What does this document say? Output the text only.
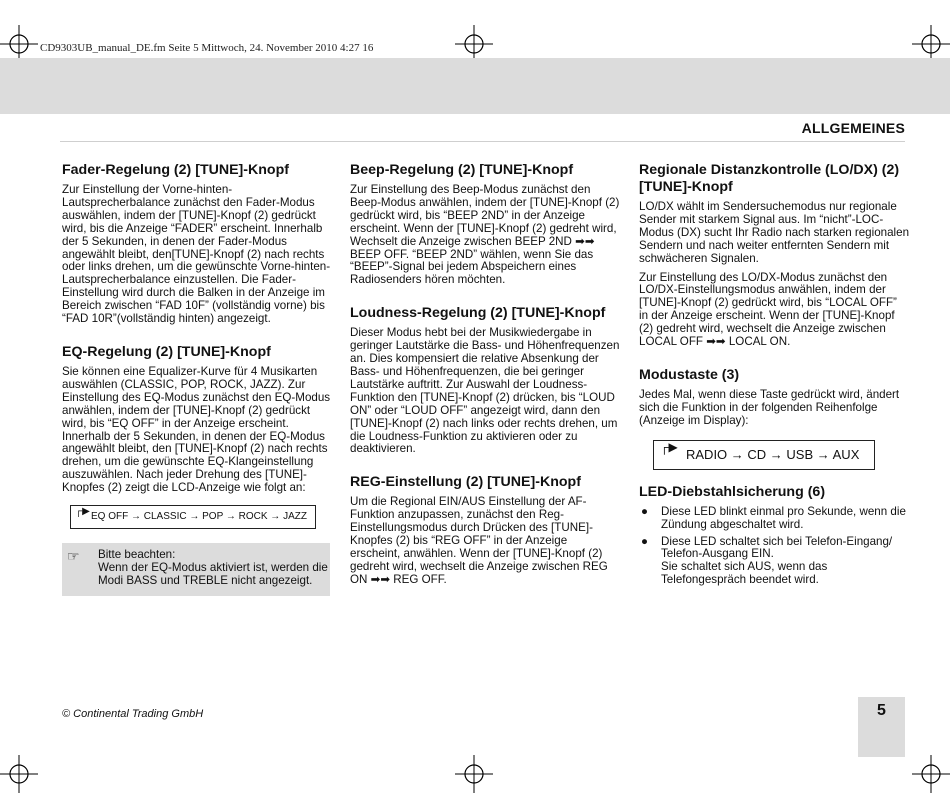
CD9303UB_manual_DE.fm Seite 5 Mittwoch, 24. November 2010 4:27 16
ALLGEMEINES
Fader-Regelung (2) [TUNE]-Knopf
Zur Einstellung der Vorne-hinten-Lautsprecherbalance zunächst den Fader-Modus auswählen, indem der [TUNE]-Knopf (2) gedrückt wird, bis die Anzeige “FADER” erscheint. Innerhalb der 5 Sekunden, in denen der Fader-Modus angewählt bleibt, den[TUNE]-Knopf (2) nach rechts oder links drehen, um die gewünschte Vorne-hinten-Lautsprecherbalance einzustellen. Die Fader-Einstellung wird durch die Balken in der Anzeige im Bereich zwischen “FAD 10F” (vollständig vorne) bis “FAD 10R”(vollständig hinten) angezeigt.
EQ-Regelung (2) [TUNE]-Knopf
Sie können eine Equalizer-Kurve für 4 Musikarten auswählen (CLASSIC, POP, ROCK, JAZZ). Zur Einstellung des EQ-Modus zunächst den EQ-Modus anwählen, indem der [TUNE]-Knopf (2) gedrückt wird, bis “EQ OFF” in der Anzeige erscheint. Innerhalb der 5 Sekunden, in denen der EQ-Modus angewählt bleibt, den [TUNE]-Knopf (2) nach rechts drehen, um die gewünschte EQ-Klangeinstellung auszuwählen. Nach jeder Drehung des [TUNE]-Knopfes (2) zeigt die LCD-Anzeige wie folgt an:
┌▶ EQ OFF → CLASSIC → POP → ROCK → JAZZ
☞ Bitte beachten:
Wenn der EQ-Modus aktiviert ist, werden die Modi BASS und TREBLE nicht angezeigt.
Beep-Regelung (2) [TUNE]-Knopf
Zur Einstellung des Beep-Modus zunächst den Beep-Modus anwählen, indem der [TUNE]-Knopf (2) gedrückt wird, bis “BEEP 2ND” in der Anzeige erscheint. Wenn der [TUNE]-Knopf (2) gedreht wird, Wechselt die Anzeige zwischen BEEP 2ND ➡➡ BEEP OFF. “BEEP 2ND” wählen, wenn Sie das “BEEP”-Signal bei jedem Abspeichern eines Radiosenders hören möchten.
Loudness-Regelung (2) [TUNE]-Knopf
Dieser Modus hebt bei der Musikwiedergabe in geringer Lautstärke die Bass- und Höhenfrequenzen an. Dies kompensiert die relative Absenkung der Bass- und Höhenfrequenzen, die bei geringer Lautstärke auftritt. Zur Auswahl der Loudness-Funktion den [TUNE]-Knopf (2) drücken, bis “LOUD ON” oder “LOUD OFF” angezeigt wird, dann den [TUNE]-Knopf (2) nach links oder rechts drehen, um die Loudness-Funktion zu aktivieren oder zu deaktivieren.
REG-Einstellung (2) [TUNE]-Knopf
Um die Regional EIN/AUS Einstellung der AF-Funktion anzupassen, zunächst den Reg-Einstellungsmodus durch Drücken des [TUNE]-Knopfes (2) bis “REG OFF” in der Anzeige erscheint, anwählen. Wenn der [TUNE]-Knopf (2) gedreht wird, wechselt die Anzeige zwischen REG ON ➡➡ REG OFF.
Regionale Distanzkontrolle (LO/DX) (2) [TUNE]-Knopf
LO/DX wählt im Sendersuchemodus nur regionale Sender mit starkem Signal aus. Im “nicht”-LOC-Modus (DX) sucht Ihr Radio nach starken regionalen Sendern und nach weiter entfernten Sendern mit schwächeren Signalen.
Zur Einstellung des LO/DX-Modus zunächst den LO/DX-Einstellungsmodus anwählen, indem der [TUNE]-Knopf (2) gedrückt wird, bis “LOCAL OFF” in der Anzeige erscheint. Wenn der [TUNE]-Knopf (2) gedreht wird, wechselt die Anzeige zwischen LOCAL OFF ➡➡ LOCAL ON.
Modustaste (3)
Jedes Mal, wenn diese Taste gedrückt wird, ändert sich die Funktion in der folgenden Reihenfolge (Anzeige im Display):
┌▶ RADIO → CD → USB → AUX
LED-Diebstahlsicherung (6)
● Diese LED blinkt einmal pro Sekunde, wenn die Zündung abgeschaltet wird.
● Diese LED schaltet sich bei Telefon-Eingang/ Telefon-Ausgang EIN.
Sie schaltet sich AUS, wenn das Telefongespräch beendet wird.
© Continental Trading GmbH	5
